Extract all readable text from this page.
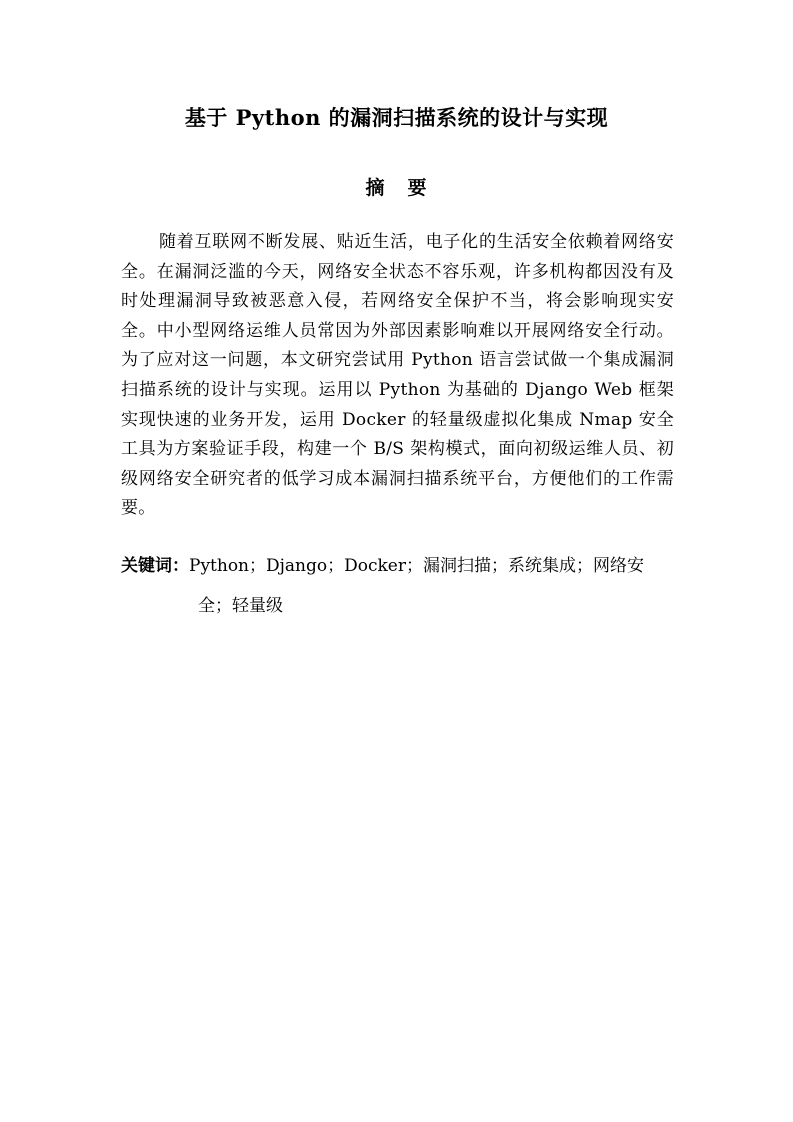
基于 Python 的漏洞扫描系统的设计与实现
摘 要

随着互联网不断发展、贴近生活，电子化的生活安全依赖着网络安全。在漏洞泛滥的今天，网络安全状态不容乐观，许多机构都因没有及时处理漏洞导致被恶意入侵，若网络安全保护不当，将会影响现实安全。中小型网络运维人员常因为外部因素影响难以开展网络安全行动。为了应对这一问题，本文研究尝试用 Python 语言尝试做一个集成漏洞扫描系统的设计与实现。运用以 Python 为基础的 Django Web 框架实现快速的业务开发，运用 Docker 的轻量级虚拟化集成 Nmap 安全工具为方案验证手段，构建一个 B/S 架构模式，面向初级运维人员、初级网络安全研究者的低学习成本漏洞扫描系统平台，方便他们的工作需要。

关键词：Python；Django；Docker；漏洞扫描；系统集成；网络安
全；轻量级
